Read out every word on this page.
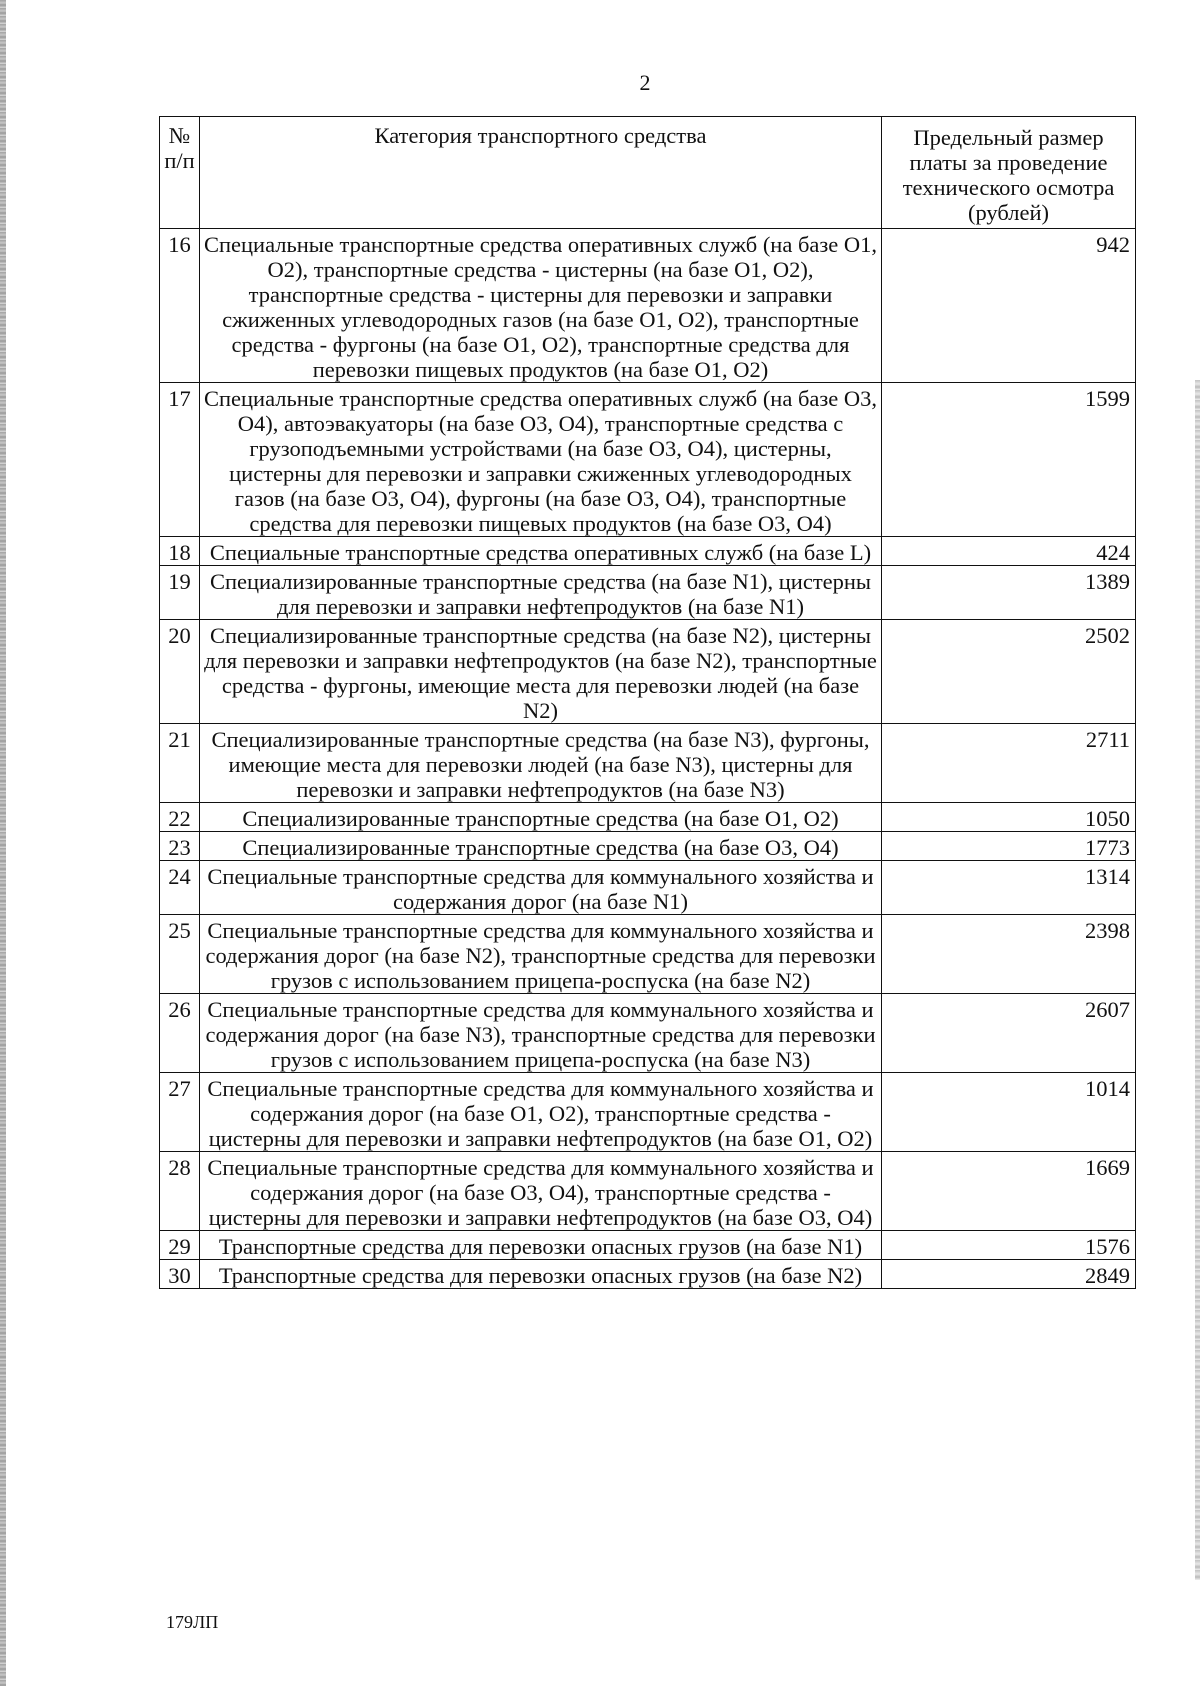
2
№ п/п	Категория транспортного средства	Предельный размер платы за проведение технического осмотра (рублей)
16	Специальные транспортные средства оперативных служб (на базе O1, O2), транспортные средства - цистерны (на базе O1, O2), транспортные средства - цистерны для перевозки и заправки сжиженных углеводородных газов (на базе O1, O2), транспортные средства - фургоны (на базе O1, O2), транспортные средства для перевозки пищевых продуктов (на базе O1, O2)	942
17	Специальные транспортные средства оперативных служб (на базе O3, O4), автоэвакуаторы (на базе O3, O4), транспортные средства с грузоподъемными устройствами (на базе O3, O4), цистерны, цистерны для перевозки и заправки сжиженных углеводородных газов (на базе O3, O4), фургоны (на базе O3, O4), транспортные средства для перевозки пищевых продуктов (на базе O3, O4)	1599
18	Специальные транспортные средства оперативных служб (на базе L)	424
19	Специализированные транспортные средства (на базе N1), цистерны для перевозки и заправки нефтепродуктов (на базе N1)	1389
20	Специализированные транспортные средства (на базе N2), цистерны для перевозки и заправки нефтепродуктов (на базе N2), транспортные средства - фургоны, имеющие места для перевозки людей (на базе N2)	2502
21	Специализированные транспортные средства (на базе N3), фургоны, имеющие места для перевозки людей (на базе N3), цистерны для перевозки и заправки нефтепродуктов (на базе N3)	2711
22	Специализированные транспортные средства (на базе O1, O2)	1050
23	Специализированные транспортные средства (на базе O3, O4)	1773
24	Специальные транспортные средства для коммунального хозяйства и содержания дорог (на базе N1)	1314
25	Специальные транспортные средства для коммунального хозяйства и содержания дорог (на базе N2), транспортные средства для перевозки грузов с использованием прицепа-роспуска (на базе N2)	2398
26	Специальные транспортные средства для коммунального хозяйства и содержания дорог (на базе N3), транспортные средства для перевозки грузов с использованием прицепа-роспуска (на базе N3)	2607
27	Специальные транспортные средства для коммунального хозяйства и содержания дорог (на базе O1, O2), транспортные средства - цистерны для перевозки и заправки нефтепродуктов (на базе O1, O2)	1014
28	Специальные транспортные средства для коммунального хозяйства и содержания дорог (на базе O3, O4), транспортные средства - цистерны для перевозки и заправки нефтепродуктов (на базе O3, O4)	1669
29	Транспортные средства для перевозки опасных грузов (на базе N1)	1576
30	Транспортные средства для перевозки опасных грузов (на базе N2)	2849
179ЛП
